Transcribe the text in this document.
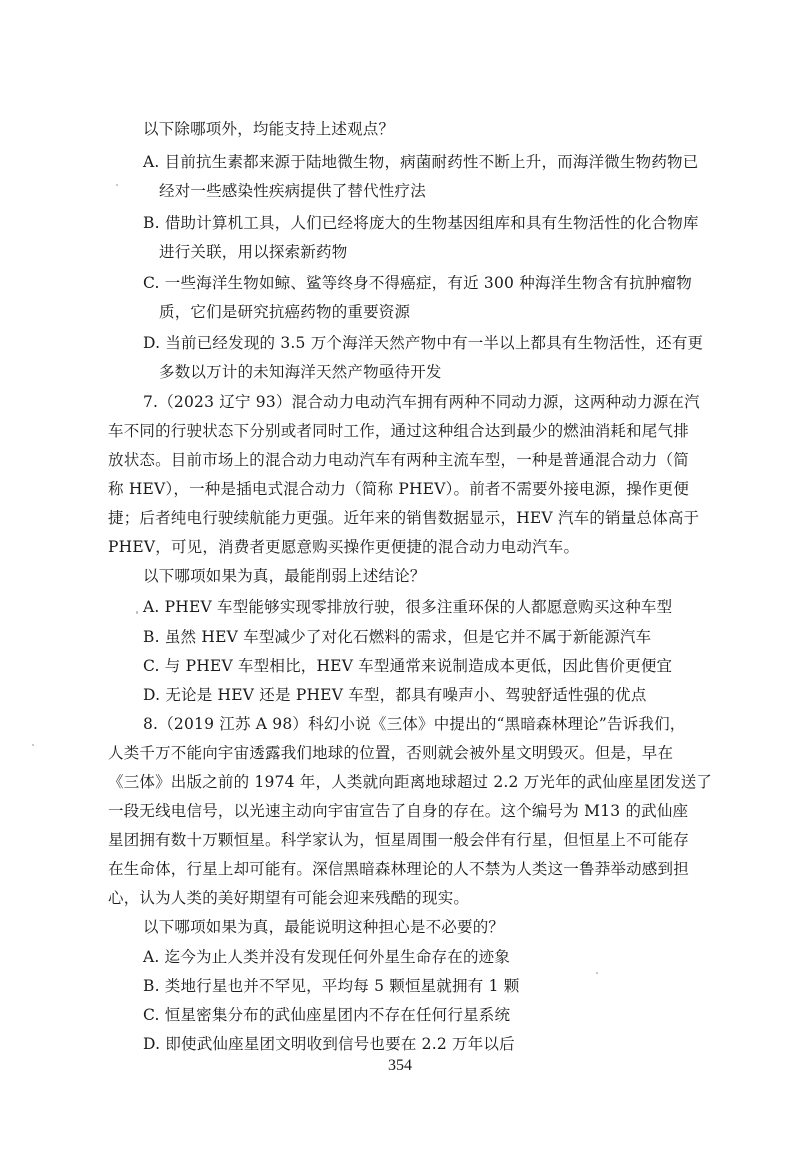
以下除哪项外，均能支持上述观点？
A. 目前抗生素都来源于陆地微生物，病菌耐药性不断上升，而海洋微生物药物已
经对一些感染性疾病提供了替代性疗法
B. 借助计算机工具，人们已经将庞大的生物基因组库和具有生物活性的化合物库
进行关联，用以探索新药物
C. 一些海洋生物如鲸、鲨等终身不得癌症，有近 300 种海洋生物含有抗肿瘤物
质，它们是研究抗癌药物的重要资源
D. 当前已经发现的 3.5 万个海洋天然产物中有一半以上都具有生物活性，还有更
多数以万计的未知海洋天然产物亟待开发
7.（2023 辽宁 93）混合动力电动汽车拥有两种不同动力源，这两种动力源在汽
车不同的行驶状态下分别或者同时工作，通过这种组合达到最少的燃油消耗和尾气排
放状态。目前市场上的混合动力电动汽车有两种主流车型，一种是普通混合动力（简
称 HEV），一种是插电式混合动力（简称 PHEV）。前者不需要外接电源，操作更便
捷；后者纯电行驶续航能力更强。近年来的销售数据显示，HEV 汽车的销量总体高于
PHEV，可见，消费者更愿意购买操作更便捷的混合动力电动汽车。
以下哪项如果为真，最能削弱上述结论？
A. PHEV 车型能够实现零排放行驶，很多注重环保的人都愿意购买这种车型
B. 虽然 HEV 车型减少了对化石燃料的需求，但是它并不属于新能源汽车
C. 与 PHEV 车型相比，HEV 车型通常来说制造成本更低，因此售价更便宜
D. 无论是 HEV 还是 PHEV 车型，都具有噪声小、驾驶舒适性强的优点
8.（2019 江苏 A 98）科幻小说《三体》中提出的“黑暗森林理论”告诉我们，
人类千万不能向宇宙透露我们地球的位置，否则就会被外星文明毁灭。但是，早在
《三体》出版之前的 1974 年，人类就向距离地球超过 2.2 万光年的武仙座星团发送了
一段无线电信号，以光速主动向宇宙宣告了自身的存在。这个编号为 M13 的武仙座
星团拥有数十万颗恒星。科学家认为，恒星周围一般会伴有行星，但恒星上不可能存
在生命体，行星上却可能有。深信黑暗森林理论的人不禁为人类这一鲁莽举动感到担
心，认为人类的美好期望有可能会迎来残酷的现实。
以下哪项如果为真，最能说明这种担心是不必要的？
A. 迄今为止人类并没有发现任何外星生命存在的迹象
B. 类地行星也并不罕见，平均每 5 颗恒星就拥有 1 颗
C. 恒星密集分布的武仙座星团内不存在任何行星系统
D. 即使武仙座星团文明收到信号也要在 2.2 万年以后
354
